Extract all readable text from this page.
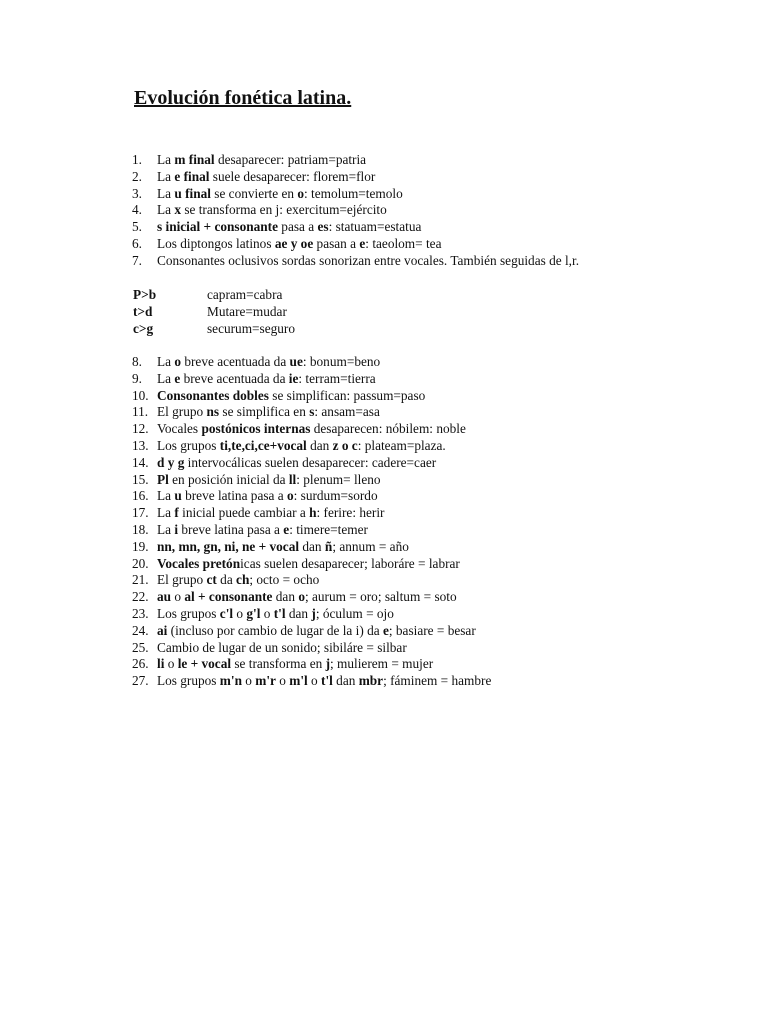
Evolución fonética latina.
1. La m final desaparecer: patriam=patria
2. La e final suele desaparecer: florem=flor
3. La u final se convierte en o: temolum=temolo
4. La x se transforma en j: exercitum=ejército
5. s inicial + consonante pasa a es: statuam=estatua
6. Los diptongos latinos ae y oe pasan a e: taeolom= tea
7. Consonantes oclusivos sordas sonorizan entre vocales. También seguidas de l,r.
P>b	capram=cabra
t>d	Mutare=mudar
c>g	securum=seguro
8. La o breve acentuada da ue: bonum=beno
9. La e breve acentuada da ie: terram=tierra
10. Consonantes dobles se simplifican: passum=paso
11. El grupo ns se simplifica en s: ansam=asa
12. Vocales postónicos internas desaparecen: nóbilem: noble
13. Los grupos ti,te,ci,ce+vocal dan z o c: plateam=plaza.
14. d y g intervocálicas suelen desaparecer: cadere=caer
15. Pl en posición inicial da ll: plenum= lleno
16. La u breve latina pasa a o: surdum=sordo
17. La f inicial puede cambiar a h: ferire: herir
18. La i breve latina pasa a e: timere=temer
19. nn, mn, gn, ni, ne + vocal dan ñ; annum = año
20. Vocales pretónicas suelen desaparecer; laboráre = labrar
21. El grupo ct da ch; octo = ocho
22. au o al + consonante dan o; aurum = oro; saltum = soto
23. Los grupos c'l o g'l o t'l dan j; óculum = ojo
24. ai (incluso por cambio de lugar de la i) da e; basiare = besar
25. Cambio de lugar de un sonido; sibiláre = silbar
26. li o le + vocal se transforma en j; mulierem = mujer
27. Los grupos m'n o m'r o m'l o t'l dan mbr; fáminem = hambre
